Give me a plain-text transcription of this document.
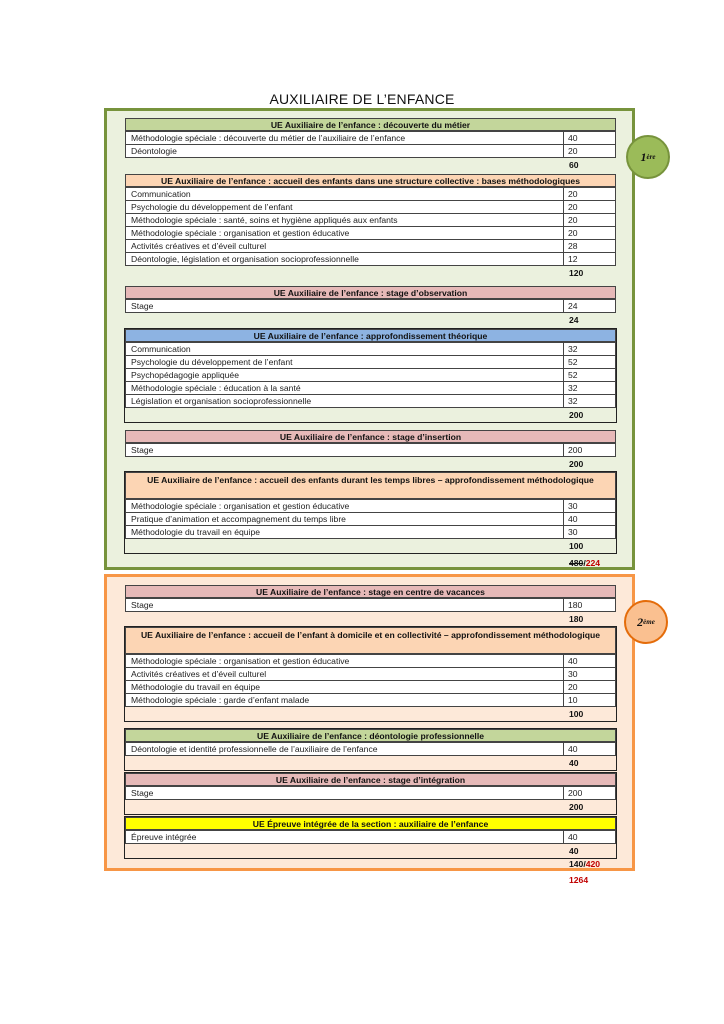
AUXILIAIRE DE L’ENFANCE
1 ère
UE Auxiliaire de l’enfance : découverte du métier
Méthodologie spéciale : découverte du métier de l’auxiliaire de l’enfance	40
Déontologie	20
60
UE Auxiliaire de l’enfance : accueil des enfants dans une structure collective : bases méthodologiques
Communication	20
Psychologie du développement de l’enfant	20
Méthodologie spéciale : santé, soins et hygiène appliqués aux enfants	20
Méthodologie spéciale : organisation et gestion éducative	20
Activités créatives et d’éveil culturel	28
Déontologie, législation et organisation socioprofessionnelle	12
120
UE Auxiliaire de l’enfance : stage d’observation
Stage	24
24
UE Auxiliaire de l’enfance : approfondissement théorique
Communication	32
Psychologie du développement de l’enfant	52
Psychopédagogie appliquée	52
Méthodologie spéciale : éducation à la santé	32
Législation et organisation socioprofessionnelle	32
200
UE Auxiliaire de l’enfance : stage d’insertion
Stage	200
200
UE Auxiliaire de l’enfance : accueil des enfants durant les temps libres – approfondissement méthodologique
Méthodologie spéciale : organisation et gestion éducative	30
Pratique d’animation et accompagnement du temps libre	40
Méthodologie du travail en équipe	30
100
480/224
2 ème
UE Auxiliaire de l’enfance : stage en centre de vacances
Stage	180
180
UE Auxiliaire de l’enfance : accueil de l’enfant à domicile et en collectivité – approfondissement méthodologique
Méthodologie spéciale : organisation et gestion éducative	40
Activités créatives et d’éveil culturel	30
Méthodologie du travail en équipe	20
Méthodologie spéciale : garde d’enfant malade	10
100
UE Auxiliaire de l’enfance : déontologie professionnelle
Déontologie et identité professionnelle de l’auxiliaire de l’enfance	40
40
UE Auxiliaire de l’enfance : stage d’intégration
Stage	200
200
UE Épreuve intégrée de la section : auxiliaire de l’enfance
Épreuve intégrée	40
40
140/420
1264
